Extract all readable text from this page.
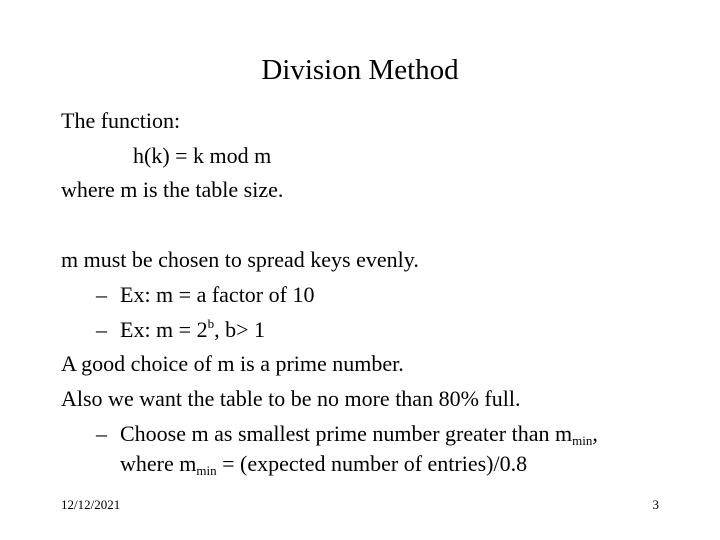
Division Method
The function:
h(k) = k mod m
where m is the table size.
m must be chosen to spread keys evenly.
– Ex: m = a factor of 10
– Ex: $m = 2^b$, b> 1
A good choice of m is a prime number.
Also we want the table to be no more than 80% full.
– Choose m as smallest prime number greater than $m_{min}$,
where $m_{min}$ = (expected number of entries)/0.8
12/12/2021	3
